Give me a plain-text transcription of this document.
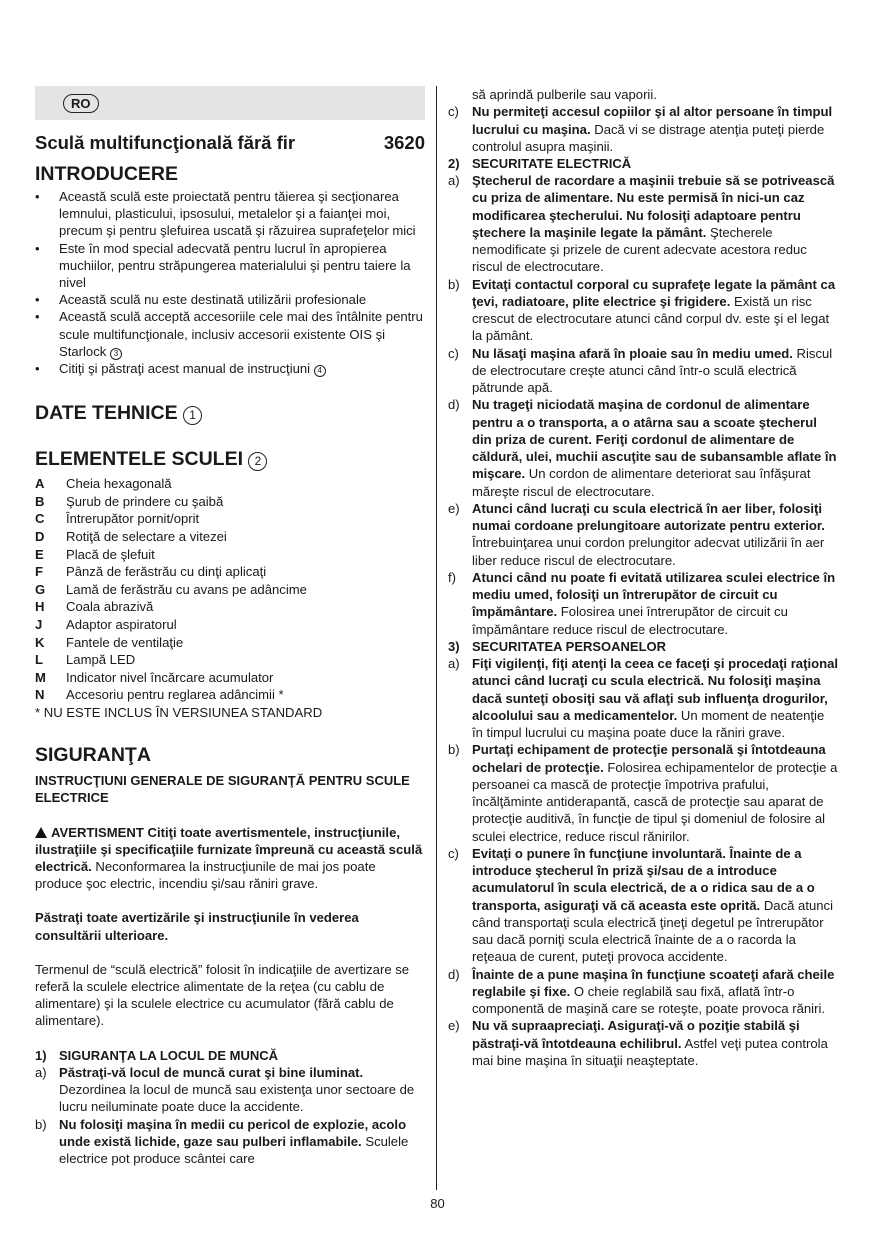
RO
Sculă multifuncţională fără fir	3620
INTRODUCERE
•	Această sculă este proiectată pentru tăierea şi secţionarea lemnului, plasticului, ipsosului, metalelor şi a faianţei moi, precum şi pentru şlefuirea uscată şi răzuirea suprafeţelor mici
•	Este în mod special adecvată pentru lucrul în apropierea muchiilor, pentru străpungerea materialului şi pentru taiere la nivel
•	Această sculă nu este destinată utilizării profesionale
•	Această sculă acceptă accesoriile cele mai des întâlnite pentru scule multifuncţionale, inclusiv accesorii existente OIS şi Starlock 3
•	Citiţi şi păstraţi acest manual de instrucţiuni 4
DATE TEHNICE 1
ELEMENTELE SCULEI 2
A	Cheia hexagonală
B	Şurub de prindere cu şaibă
C	Întrerupător pornit/oprit
D	Rotiţă de selectare a vitezei
E	Placă de şlefuit
F	Pânză de ferăstrău cu dinţi aplicaţi
G	Lamă de ferăstrău cu avans pe adâncime
H	Coala abrazivă
J	Adaptor aspiratorul
K	Fantele de ventilaţie
L	Lampă LED
M	Indicator nivel încărcare acumulator
N	Accesoriu pentru reglarea adâncimii *
* NU ESTE INCLUS ÎN VERSIUNEA STANDARD
SIGURANŢA
INSTRUCŢIUNI GENERALE DE SIGURANŢĂ PENTRU SCULE ELECTRICE
AVERTISMENT Citiţi toate avertismentele, instrucţiunile, ilustraţiile şi specificaţiile furnizate împreună cu această sculă electrică. Neconformarea la instrucţiunile de mai jos poate produce şoc electric, incendiu şi/sau răniri grave.
Păstraţi toate avertizările şi instrucţiunile în vederea consultării ulterioare.
Termenul de “sculă electrică” folosit în indicaţiile de avertizare se referă la sculele electrice alimentate de la reţea (cu cablu de alimentare) şi la sculele electrice cu acumulator (fără cablu de alimentare).
1) SIGURANŢA LA LOCUL DE MUNCĂ
a) Păstraţi-vă locul de muncă curat şi bine iluminat. Dezordinea la locul de muncă sau existenţa unor sectoare de lucru neiluminate poate duce la accidente.
b) Nu folosiţi maşina în medii cu pericol de explozie, acolo unde există lichide, gaze sau pulberi inflamabile. Sculele electrice pot produce scântei care
să aprindă pulberile sau vaporii.
c) Nu permiteţi accesul copiilor şi al altor persoane în timpul lucrului cu maşina. Dacă vi se distrage atenţia puteţi pierde controlul asupra maşinii.
2) SECURITATE ELECTRICĂ
a) Ştecherul de racordare a maşinii trebuie să se potrivească cu priza de alimentare. Nu este permisă în nici-un caz modificarea ştecherului. Nu folosiţi adaptoare pentru ştechere la maşinile legate la pământ. Ştecherele nemodificate şi prizele de curent adecvate acestora reduc riscul de electrocutare.
b) Evitaţi contactul corporal cu suprafeţe legate la pământ ca ţevi, radiatoare, plite electrice şi frigidere. Există un risc crescut de electrocutare atunci când corpul dv. este şi el legat la pământ.
c) Nu lăsaţi maşina afară în ploaie sau în mediu umed. Riscul de electrocutare creşte atunci când într-o sculă electrică pătrunde apă.
d) Nu trageţi niciodată maşina de cordonul de alimentare pentru a o transporta, a o atârna sau a scoate ştecherul din priza de curent. Feriţi cordonul de alimentare de căldură, ulei, muchii ascuţite sau de subansamble aflate în mişcare. Un cordon de alimentare deteriorat sau înfăşurat măreşte riscul de electrocutare.
e) Atunci când lucraţi cu scula electrică în aer liber, folosiţi numai cordoane prelungitoare autorizate pentru exterior. Întrebuinţarea unui cordon prelungitor adecvat utilizării în aer liber reduce riscul de electrocutare.
f)	Atunci când nu poate fi evitată utilizarea sculei electrice în mediu umed, folosiţi un întrerupător de circuit cu împământare. Folosirea unei întrerupător de circuit cu împământare reduce riscul de electrocutare.
3) SECURITATEA PERSOANELOR
a) Fiţi vigilenţi, fiţi atenţi la ceea ce faceţi şi procedaţi raţional atunci când lucraţi cu scula electrică. Nu folosiţi maşina dacă sunteţi obosiţi sau vă aflaţi sub influenţa drogurilor, alcoolului sau a medicamentelor. Un moment de neatenţie în timpul lucrului cu maşina poate duce la răniri grave.
b) Purtaţi echipament de protecţie personală şi întotdeauna ochelari de protecţie. Folosirea echipamentelor de protecţie a persoanei ca mască de protecţie împotriva prafului, încălţăminte antiderapantă, cască de protecţie sau aparat de protecţie auditivă, în funcţie de tipul şi domeniul de folosire al sculei electrice, reduce riscul rănirilor.
c) Evitaţi o punere în funcţiune involuntară. Înainte de a introduce ştecherul în priză şi/sau de a introduce acumulatorul în scula electrică, de a o ridica sau de a o transporta, asiguraţi vă că aceasta este oprită. Dacă atunci când transportaţi scula electrică ţineţi degetul pe întrerupător sau dacă porniţi scula electrică înainte de a o racorda la reţeaua de curent, puteţi provoca accidente.
d) Înainte de a pune maşina în funcţiune scoateţi afară cheile reglabile şi fixe. O cheie reglabilă sau fixă, aflată într-o componentă de maşină care se roteşte, poate provoca răniri.
e) Nu vă supraapreciaţi. Asiguraţi-vă o poziţie stabilă şi păstraţi-vă întotdeauna echilibrul. Astfel veţi putea controla mai bine maşina în situaţii neaşteptate.
80
